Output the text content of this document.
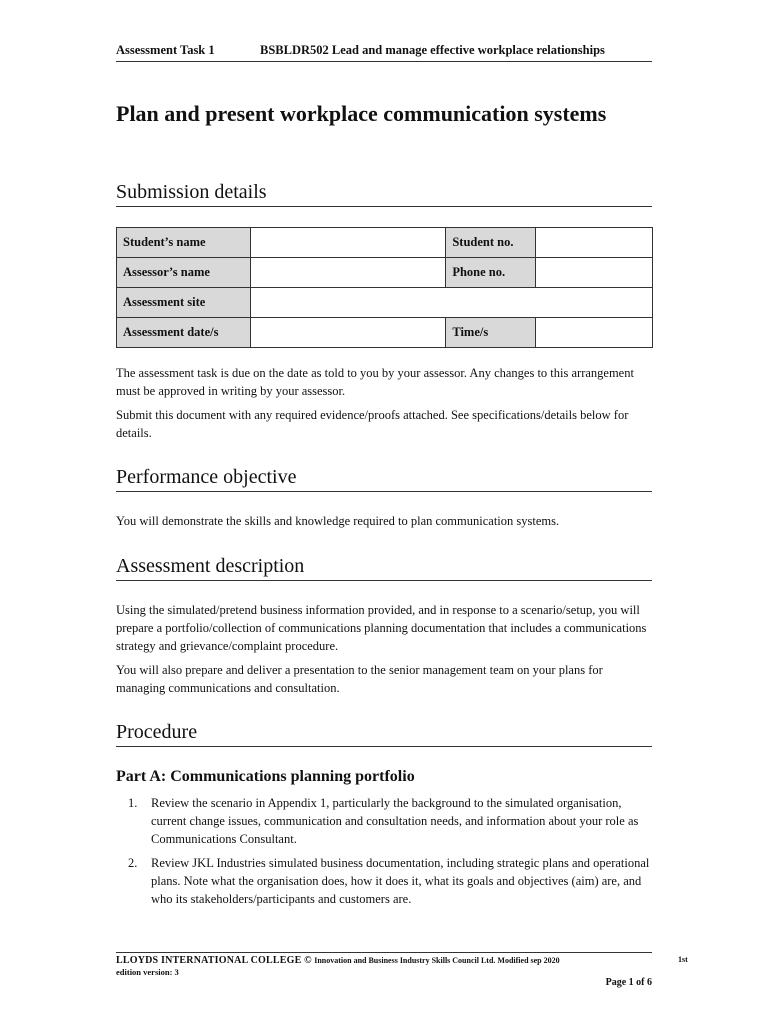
Assessment Task 1	BSBLDR502 Lead and manage effective workplace relationships
Plan and present workplace communication systems
Submission details
Student’s name		Student no.	
Assessor’s name		Phone no.	
Assessment site			
Assessment date/s		Time/s	

The assessment task is due on the date as told to you by your assessor. Any changes to this arrangement must be approved in writing by your assessor.

Submit this document with any required evidence/proofs attached. See specifications/details below for details.

Performance objective

You will demonstrate the skills and knowledge required to plan communication systems.

Assessment description

Using the simulated/pretend business information provided, and in response to a scenario/setup, you will prepare a portfolio/collection of communications planning documentation that includes a communications strategy and grievance/complaint procedure.

You will also prepare and deliver a presentation to the senior management team on your plans for managing communications and consultation.

Procedure
Part A: Communications planning portfolio
1. Review the scenario in Appendix 1, particularly the background to the simulated organisation, current change issues, communication and consultation needs, and information about your role as Communications Consultant.
2. Review JKL Industries simulated business documentation, including strategic plans and operational plans. Note what the organisation does, how it does it, what its goals and objectives (aim) are, and who its stakeholders/participants and customers are.
LLOYDS INTERNATIONAL COLLEGE © Innovation and Business Industry Skills Council Ltd. Modified sep 2020	1st
edition version: 3
Page 1 of 6
